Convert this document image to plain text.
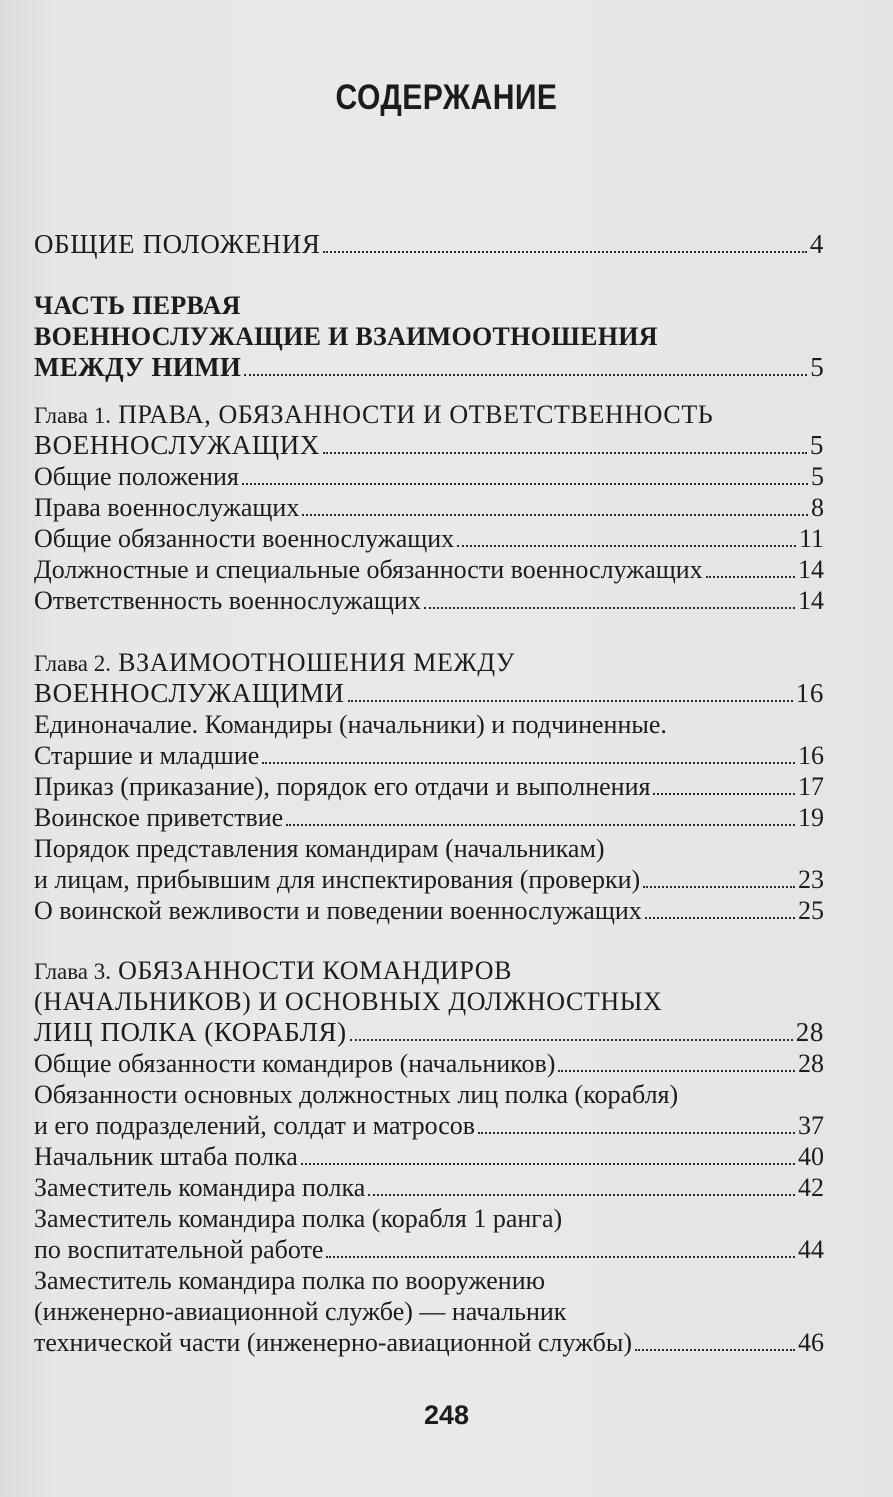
СОДЕРЖАНИЕ
ОБЩИЕ ПОЛОЖЕНИЯ	4
ЧАСТЬ ПЕРВАЯ
ВОЕННОСЛУЖАЩИЕ И ВЗАИМООТНОШЕНИЯ
МЕЖДУ НИМИ	5
Глава 1. ПРАВА, ОБЯЗАННОСТИ И ОТВЕТСТВЕННОСТЬ
ВОЕННОСЛУЖАЩИХ	5
Общие положения	5
Права военнослужащих	8
Общие обязанности военнослужащих	11
Должностные и специальные обязанности военнослужащих	14
Ответственность военнослужащих	14
Глава 2. ВЗАИМООТНОШЕНИЯ МЕЖДУ
ВОЕННОСЛУЖАЩИМИ	16
Единоначалие. Командиры (начальники) и подчиненные.
Старшие и младшие	16
Приказ (приказание), порядок его отдачи и выполнения	17
Воинское приветствие	19
Порядок представления командирам (начальникам)
и лицам, прибывшим для инспектирования (проверки)	23
О воинской вежливости и поведении военнослужащих	25
Глава 3. ОБЯЗАННОСТИ КОМАНДИРОВ
(НАЧАЛЬНИКОВ) И ОСНОВНЫХ ДОЛЖНОСТНЫХ
ЛИЦ ПОЛКА (КОРАБЛЯ)	28
Общие обязанности командиров (начальников)	28
Обязанности основных должностных лиц полка (корабля)
и его подразделений, солдат и матросов	37
Начальник штаба полка	40
Заместитель командира полка	42
Заместитель командира полка (корабля 1 ранга)
по воспитательной работе	44
Заместитель командира полка по вооружению
(инженерно-авиационной службе) — начальник
технической части (инженерно-авиационной службы)	46
248
